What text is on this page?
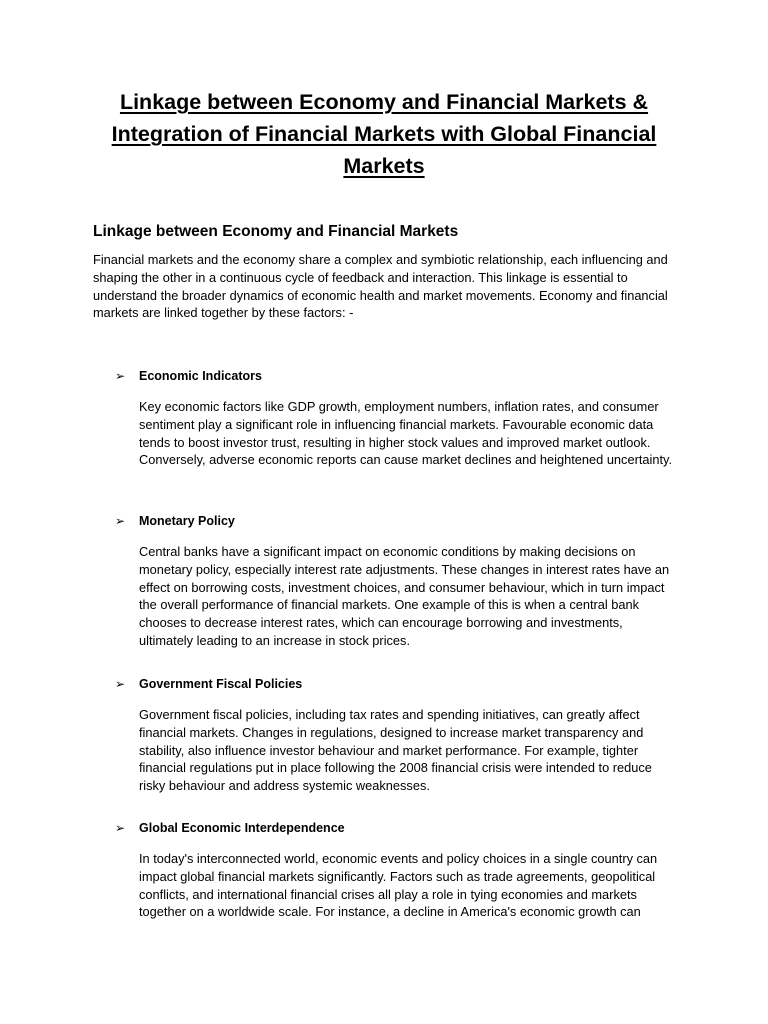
Linkage between Economy and Financial Markets & Integration of Financial Markets with Global Financial Markets
Linkage between Economy and Financial Markets

Financial markets and the economy share a complex and symbiotic relationship, each influencing and shaping the other in a continuous cycle of feedback and interaction. This linkage is essential to understand the broader dynamics of economic health and market movements. Economy and financial markets are linked together by these factors: -

➢	Economic Indicators

Key economic factors like GDP growth, employment numbers, inflation rates, and consumer sentiment play a significant role in influencing financial markets. Favourable economic data tends to boost investor trust, resulting in higher stock values and improved market outlook. Conversely, adverse economic reports can cause market declines and heightened uncertainty.

➢	Monetary Policy

Central banks have a significant impact on economic conditions by making decisions on monetary policy, especially interest rate adjustments. These changes in interest rates have an effect on borrowing costs, investment choices, and consumer behaviour, which in turn impact the overall performance of financial markets. One example of this is when a central bank chooses to decrease interest rates, which can encourage borrowing and investments, ultimately leading to an increase in stock prices.

➢	Government Fiscal Policies

Government fiscal policies, including tax rates and spending initiatives, can greatly affect financial markets. Changes in regulations, designed to increase market transparency and stability, also influence investor behaviour and market performance. For example, tighter financial regulations put in place following the 2008 financial crisis were intended to reduce risky behaviour and address systemic weaknesses.

➢	Global Economic Interdependence

In today's interconnected world, economic events and policy choices in a single country can impact global financial markets significantly. Factors such as trade agreements, geopolitical conflicts, and international financial crises all play a role in tying economies and markets together on a worldwide scale. For instance, a decline in America's economic growth can
